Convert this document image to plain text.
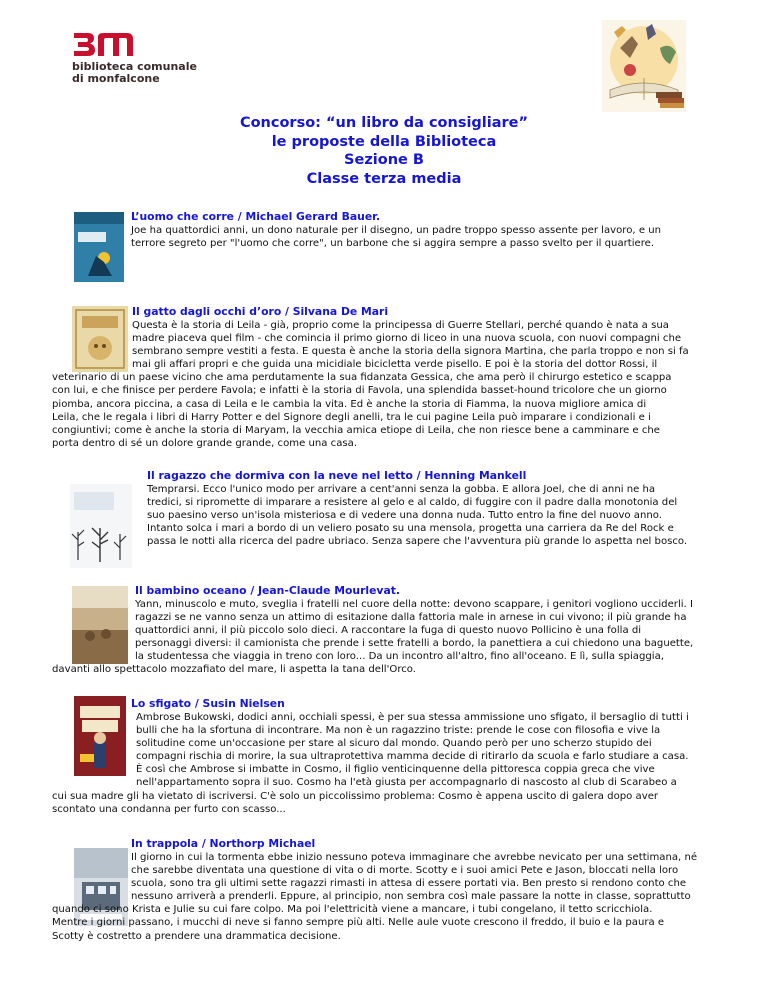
biblioteca comunale
di monfalcone
Concorso: “un libro da consigliare”
le proposte della Biblioteca
Sezione B
Classe terza media
L’uomo che corre / Michael Gerard Bauer.

Joe ha quattordici anni, un dono naturale per il disegno, un padre troppo spesso assente per lavoro, e un
terrore segreto per "l'uomo che corre", un barbone che si aggira sempre a passo svelto per il quartiere.

Il gatto dagli occhi d’oro / Silvana De Mari

Questa è la storia di Leila - già, proprio come la principessa di Guerre Stellari, perché quando è nata a sua
madre piaceva quel film - che comincia il primo giorno di liceo in una nuova scuola, con nuovi compagni che
sembrano sempre vestiti a festa. E questa è anche la storia della signora Martina, che parla troppo e non si fa
mai gli affari propri e che guida una micidiale bicicletta verde pisello. E poi è la storia del dottor Rossi, il
veterinario di un paese vicino che ama perdutamente la sua fidanzata Gessica, che ama però il chirurgo estetico e scappa
con lui, e che finisce per perdere Favola; e infatti è la storia di Favola, una splendida basset-hound tricolore che un giorno
piomba, ancora piccina, a casa di Leila e le cambia la vita. Ed è anche la storia di Fiamma, la nuova migliore amica di
Leila, che le regala i libri di Harry Potter e del Signore degli anelli, tra le cui pagine Leila può imparare i condizionali e i
congiuntivi; come è anche la storia di Maryam, la vecchia amica etiope di Leila, che non riesce bene a camminare e che
porta dentro di sé un dolore grande grande, come una casa.

Il ragazzo che dormiva con la neve nel letto / Henning Mankell

Temprarsi. Ecco l'unico modo per arrivare a cent'anni senza la gobba. E allora Joel, che di anni ne ha
tredici, si ripromette di imparare a resistere al gelo e al caldo, di fuggire con il padre dalla monotonia del
suo paesino verso un'isola misteriosa e di vedere una donna nuda. Tutto entro la fine del nuovo anno.
Intanto solca i mari a bordo di un veliero posato su una mensola, progetta una carriera da Re del Rock e
passa le notti alla ricerca del padre ubriaco. Senza sapere che l'avventura più grande lo aspetta nel bosco.

Il bambino oceano / Jean-Claude Mourlevat.

Yann, minuscolo e muto, sveglia i fratelli nel cuore della notte: devono scappare, i genitori vogliono ucciderli. I
ragazzi se ne vanno senza un attimo di esitazione dalla fattoria male in arnese in cui vivono; il più grande ha
quattordici anni, il più piccolo solo dieci. A raccontare la fuga di questo nuovo Pollicino è una folla di
personaggi diversi: il camionista che prende i sette fratelli a bordo, la panettiera a cui chiedono una baguette,
la studentessa che viaggia in treno con loro... Da un incontro all'altro, fino all'oceano. E lì, sulla spiaggia,
davanti allo spettacolo mozzafiato del mare, li aspetta la tana dell'Orco.

Lo sfigato / Susin Nielsen

Ambrose Bukowski, dodici anni, occhiali spessi, è per sua stessa ammissione uno sfigato, il bersaglio di tutti i
bulli che ha la sfortuna di incontrare. Ma non è un ragazzino triste: prende le cose con filosofia e vive la
solitudine come un'occasione per stare al sicuro dal mondo. Quando però per uno scherzo stupido dei
compagni rischia di morire, la sua ultraprotettiva mamma decide di ritirarlo da scuola e farlo studiare a casa.
È così che Ambrose si imbatte in Cosmo, il figlio venticinquenne della pittoresca coppia greca che vive
nell'appartamento sopra il suo. Cosmo ha l'età giusta per accompagnarlo di nascosto al club di Scarabeo a
cui sua madre gli ha vietato di iscriversi. C'è solo un piccolissimo problema: Cosmo è appena uscito di galera dopo aver
scontato una condanna per furto con scasso...

In trappola / Northorp Michael

Il giorno in cui la tormenta ebbe inizio nessuno poteva immaginare che avrebbe nevicato per una settimana, né
che sarebbe diventata una questione di vita o di morte. Scotty e i suoi amici Pete e Jason, bloccati nella loro
scuola, sono tra gli ultimi sette ragazzi rimasti in attesa di essere portati via. Ben presto si rendono conto che
nessuno arriverà a prenderli. Eppure, al principio, non sembra così male passare la notte in classe, soprattutto
quando ci sono Krista e Julie su cui fare colpo. Ma poi l'elettricità viene a mancare, i tubi congelano, il tetto scricchiola.
Mentre i giorni passano, i mucchi di neve si fanno sempre più alti. Nelle aule vuote crescono il freddo, il buio e la paura e
Scotty è costretto a prendere una drammatica decisione.
